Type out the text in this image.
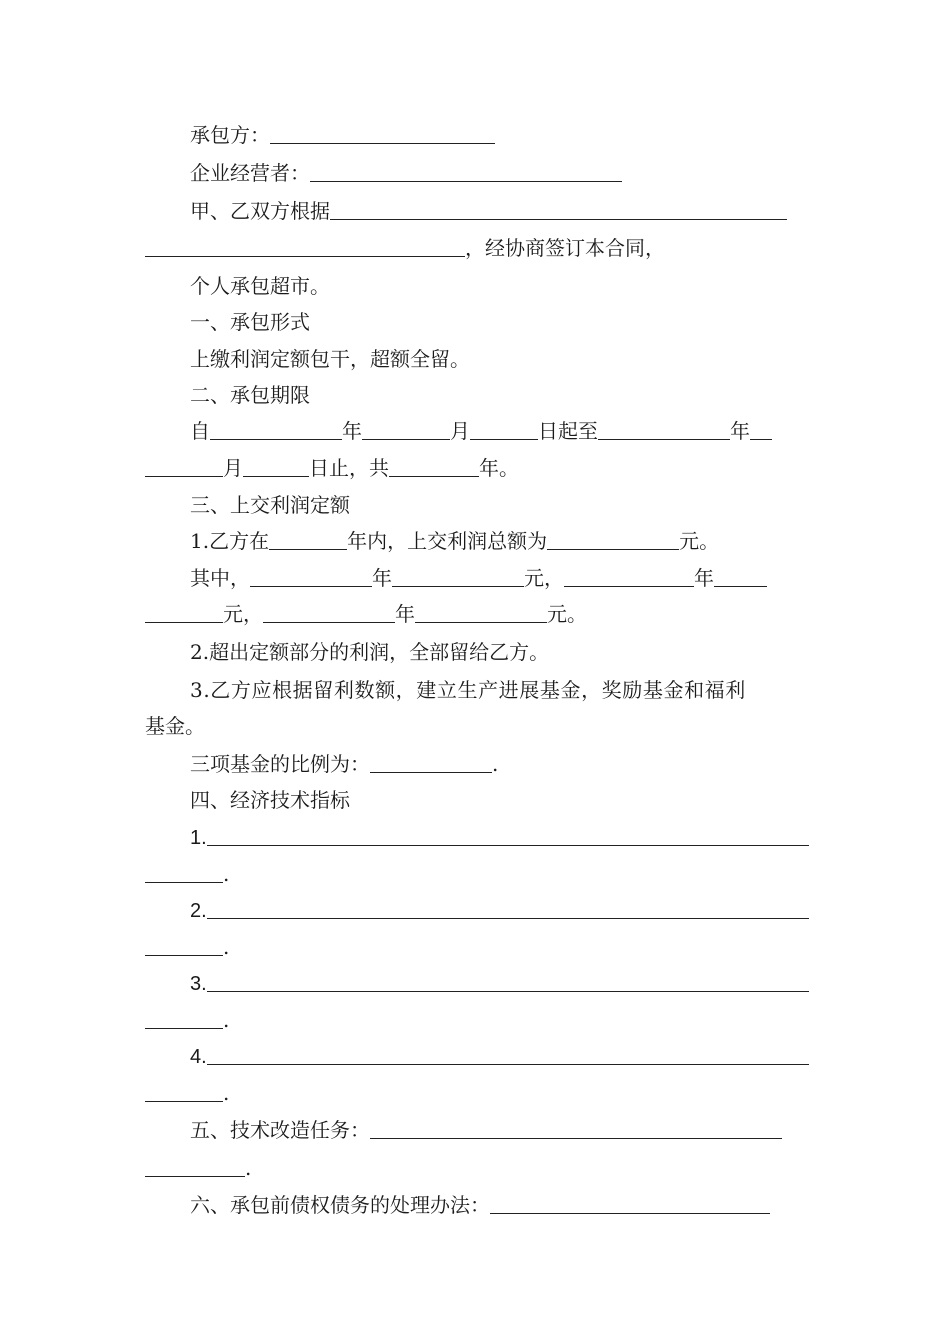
承包方：
企业经营者：
甲、乙双方根据
，经协商签订本合同，
个人承包超市。
一、承包形式
上缴利润定额包干，超额全留。
二、承包期限
自	年	月	日起至	年
月	日止，共	年。
三、上交利润定额
1.乙方在	年内，上交利润总额为	元。
其中，	年	元，	年
元，	年	元。
2.超出定额部分的利润，全部留给乙方。
3.乙方应根据留利数额，建立生产进展基金，奖励基金和福利
基金。
三项基金的比例为：	.
四、经济技术指标
1.
.
2.
.
3.
.
4.
.
五、技术改造任务：
.
六、承包前债权债务的处理办法：
